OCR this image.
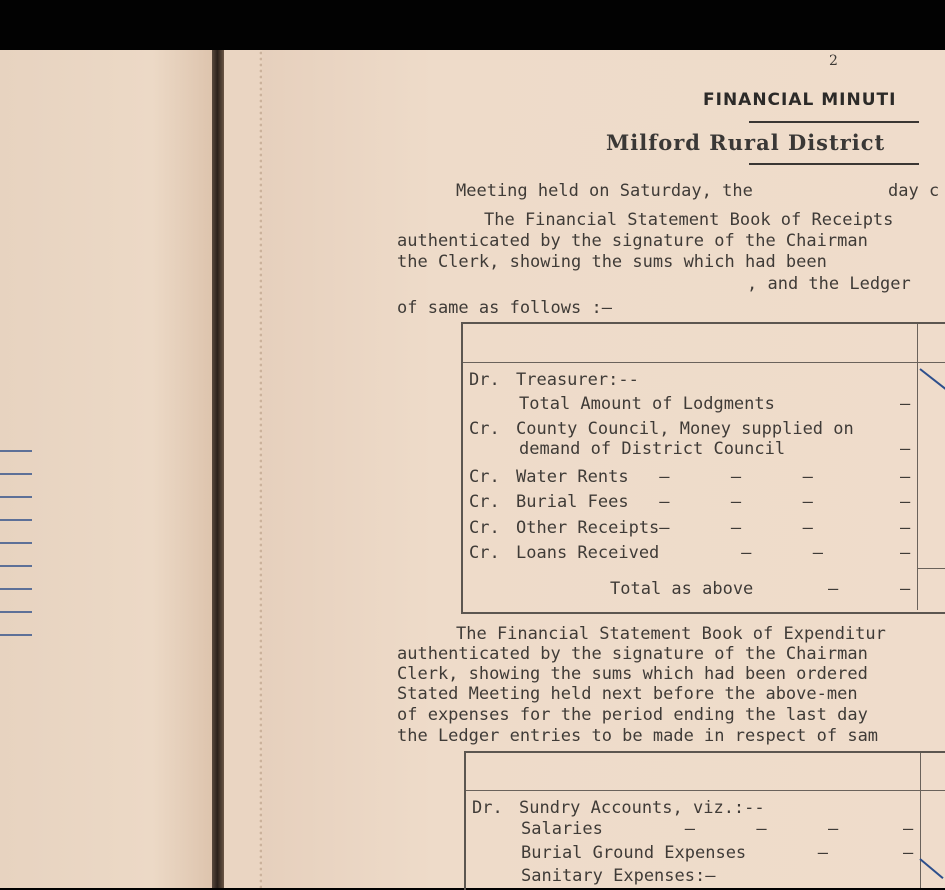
2
FINANCIAL MINUTI
Milford Rural District
Meeting held on Saturday, the	day c
The Financial Statement Book of Receipts
authenticated by the signature of the Chairman
the Clerk, showing the sums which had been
, and the Ledger
of same as follows :—
Dr. Treasurer:--
Total Amount of Lodgments	–
Cr. County Council, Money supplied on
demand of District Council	–
Cr. Water Rents   –      –      –	–
Cr. Burial Fees   –      –      –	–
Cr. Other Receipts–      –      –	–
Cr. Loans Received        –      –	–
Total as above	–	–
The Financial Statement Book of Expenditur
authenticated by the signature of the Chairman
Clerk, showing the sums which had been ordered
Stated Meeting held next before the above-men
of expenses for the period ending the last day
the Ledger entries to be made in respect of sam
Dr. Sundry Accounts, viz.:--
Salaries        –      –      –	–
Burial Ground Expenses       –	–
Sanitary Expenses:—
